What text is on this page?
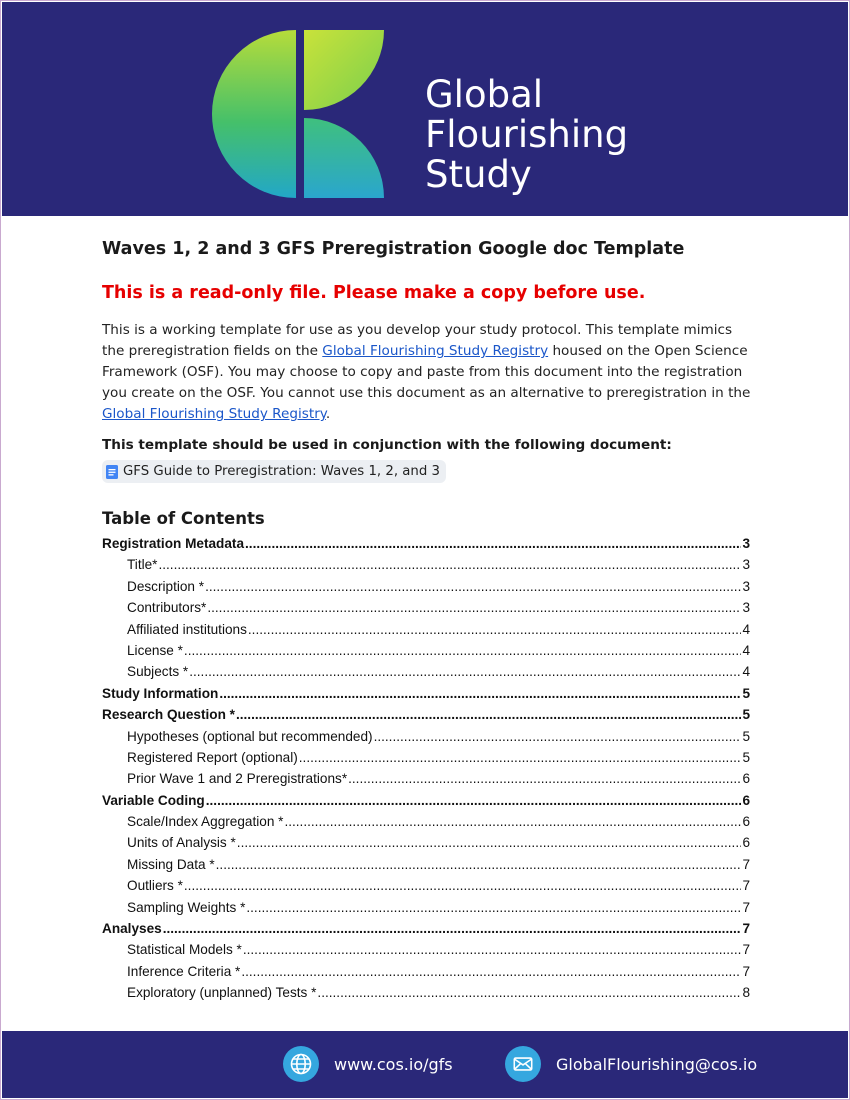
Global
Flourishing
Study
Waves 1, 2 and 3 GFS Preregistration Google doc Template
This is a read-only file. Please make a copy before use.

This is a working template for use as you develop your study protocol. This template mimics the preregistration fields on the Global Flourishing Study Registry housed on the Open Science Framework (OSF). You may choose to copy and paste from this document into the registration you create on the OSF. You cannot use this document as an alternative to preregistration in the Global Flourishing Study Registry.

This template should be used in conjunction with the following document:
GFS Guide to Preregistration: Waves 1, 2, and 3
Table of Contents
Registration Metadata .....	3
Title* .....	3
Description * .....	3
Contributors* .....	3
Affiliated institutions .....	4
License * .....	4
Subjects * .....	4
Study Information .....	5
Research Question * .....	5
Hypotheses (optional but recommended) .....	5
Registered Report (optional) .....	5
Prior Wave 1 and 2 Preregistrations* .....	6
Variable Coding .....	6
Scale/Index Aggregation * .....	6
Units of Analysis * .....	6
Missing Data * .....	7
Outliers * .....	7
Sampling Weights * .....	7
Analyses .....	7
Statistical Models * .....	7
Inference Criteria * .....	7
Exploratory (unplanned) Tests * .....	8
www.cos.io/gfs	GlobalFlourishing@cos.io
